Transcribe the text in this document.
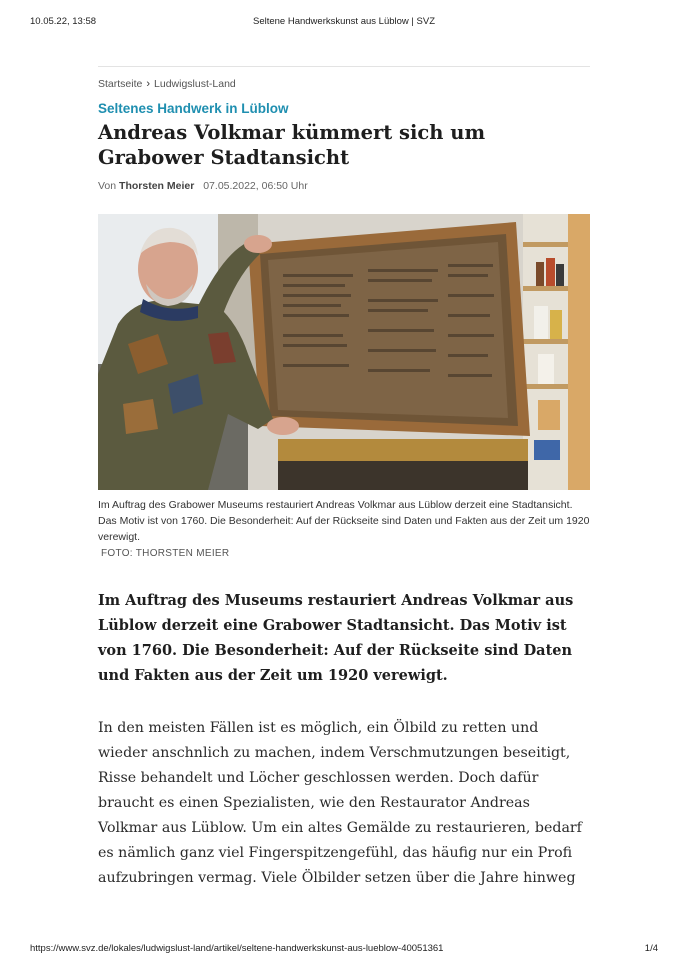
10.05.22, 13:58	Seltene Handwerkskunst aus Lüblow | SVZ
Startseite › Ludwigslust-Land
Seltenes Handwerk in Lüblow
Andreas Volkmar kümmert sich um Grabower Stadtansicht
Von Thorsten Meier 07.05.2022, 06:50 Uhr
Im Auftrag des Grabower Museums restauriert Andreas Volkmar aus Lüblow derzeit eine Stadtansicht. Das Motiv ist von 1760. Die Besonderheit: Auf der Rückseite sind Daten und Fakten aus der Zeit um 1920 verewigt.
FOTO: THORSTEN MEIER

Im Auftrag des Museums restauriert Andreas Volkmar aus Lüblow derzeit eine Grabower Stadtansicht. Das Motiv ist von 1760. Die Besonderheit: Auf der Rückseite sind Daten und Fakten aus der Zeit um 1920 verewigt.

In den meisten Fällen ist es möglich, ein Ölbild zu retten und wieder anschnlich zu machen, indem Verschmutzungen beseitigt, Risse behandelt und Löcher geschlossen werden. Doch dafür braucht es einen Spezialisten, wie den Restaurator Andreas Volkmar aus Lüblow. Um ein altes Gemälde zu restaurieren, bedarf es nämlich ganz viel Fingerspitzengefühl, das häufig nur ein Profi aufzubringen vermag. Viele Ölbilder setzen über die Jahre hinweg

https://www.svz.de/lokales/ludwigslust-land/artikel/seltene-handwerkskunst-aus-lueblow-40051361	1/4
